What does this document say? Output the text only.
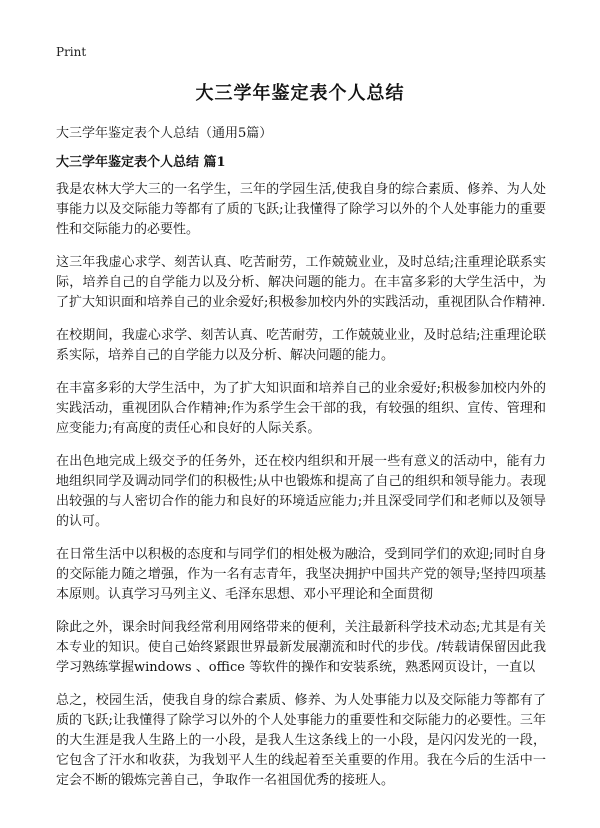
Print
大三学年鉴定表个人总结

大三学年鉴定表个人总结（通用5篇）

大三学年鉴定表个人总结 篇1

我是农林大学大三的一名学生，三年的学园生活,使我自身的综合素质、修养、为人处事能力以及交际能力等都有了质的飞跃;让我懂得了除学习以外的个人处事能力的重要性和交际能力的必要性。

这三年我虚心求学、刻苦认真、吃苦耐劳，工作兢兢业业，及时总结;注重理论联系实际，培养自己的自学能力以及分析、解决问题的能力。在丰富多彩的大学生活中，为了扩大知识面和培养自己的业余爱好;积极参加校内外的实践活动，重视团队合作精神.

在校期间，我虚心求学、刻苦认真、吃苦耐劳，工作兢兢业业，及时总结;注重理论联系实际，培养自己的自学能力以及分析、解决问题的能力。

在丰富多彩的大学生活中，为了扩大知识面和培养自己的业余爱好;积极参加校内外的实践活动，重视团队合作精神;作为系学生会干部的我，有较强的组织、宣传、管理和应变能力;有高度的责任心和良好的人际关系。

在出色地完成上级交予的任务外，还在校内组织和开展一些有意义的活动中，能有力地组织同学及调动同学们的积极性;从中也锻炼和提高了自己的组织和领导能力。表现出较强的与人密切合作的能力和良好的环境适应能力;并且深受同学们和老师以及领导的认可。

在日常生活中以积极的态度和与同学们的相处极为融洽，受到同学们的欢迎;同时自身的交际能力随之增强，作为一名有志青年，我坚决拥护中国共产党的领导;坚持四项基本原则。认真学习马列主义、毛泽东思想、邓小平理论和全面贯彻

除此之外，课余时间我经常利用网络带来的便利，关注最新科学技术动态;尤其是有关本专业的知识。使自己始终紧跟世界最新发展潮流和时代的步伐。/转载请保留因此我学习熟练掌握windows 、office 等软件的操作和安装系统，熟悉网页设计，一直以

总之，校园生活，使我自身的综合素质、修养、为人处事能力以及交际能力等都有了质的飞跃;让我懂得了除学习以外的个人处事能力的重要性和交际能力的必要性。三年的大生涯是我人生路上的一小段，是我人生这条线上的一小段，是闪闪发光的一段，它包含了汗水和收获，为我划平人生的线起着至关重要的作用。我在今后的生活中一定会不断的锻炼完善自己，争取作一名祖国优秀的接班人。
